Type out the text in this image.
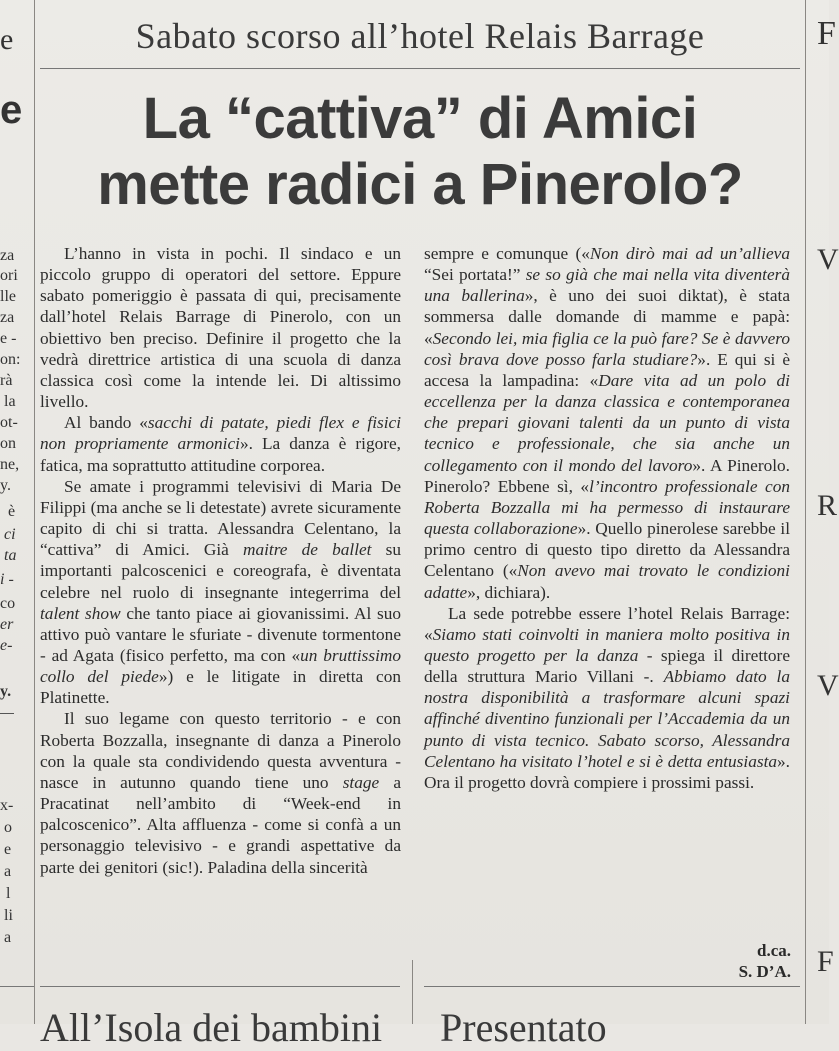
e
e
za
ori
lle
za
e -
on:
rà
la
ot-
on
ne,
y.
è
ci
ta
i -
co
er
e-
y.
x-
o
e
a
l
li
a
F
V
R
V
F
Sabato scorso all’hotel Relais Barrage
La “cattiva” di Amici
mette radici a Pinerolo?

L’hanno in vista in pochi. Il sindaco e un piccolo gruppo di operatori del settore. Eppure sabato pomeriggio è passata di qui, precisamente dall’hotel Relais Barrage di Pinerolo, con un obiettivo ben preciso. Definire il progetto che la vedrà direttrice artistica di una scuola di danza classica così come la intende lei. Di altissimo livello.

Al bando «sacchi di patate, piedi flex e fisici non propriamente armonici». La danza è rigore, fatica, ma soprattutto attitudine corporea.

Se amate i programmi televisivi di Maria De Filippi (ma anche se li detestate) avrete sicuramente capito di chi si tratta. Alessandra Celentano, la “cattiva” di Amici. Già maitre de ballet su importanti palcoscenici e coreografa, è diventata celebre nel ruolo di insegnante integerrima del talent show che tanto piace ai giovanissimi. Al suo attivo può vantare le sfuriate - divenute tormentone - ad Agata (fisico perfetto, ma con «un bruttissimo collo del piede») e le litigate in diretta con Platinette.

Il suo legame con questo territorio - e con Roberta Bozzalla, insegnante di danza a Pinerolo con la quale sta condividendo questa avventura - nasce in autunno quando tiene uno stage a Pracatinat nell’ambito di “Week-end in palcoscenico”. Alta affluenza - come si confà a un personaggio televisivo - e grandi aspettative da parte dei genitori (sic!). Paladina della sincerità

sempre e comunque («Non dirò mai ad un’allieva “Sei portata!” se so già che mai nella vita diventerà una ballerina», è uno dei suoi diktat), è stata sommersa dalle domande di mamme e papà: «Secondo lei, mia figlia ce la può fare? Se è davvero così brava dove posso farla studiare?». E qui si è accesa la lampadina: «Dare vita ad un polo di eccellenza per la danza classica e contemporanea che prepari giovani talenti da un punto di vista tecnico e professionale, che sia anche un collegamento con il mondo del lavoro». A Pinerolo. Pinerolo? Ebbene sì, «l’incontro professionale con Roberta Bozzalla mi ha permesso di instaurare questa collaborazione». Quello pinerolese sarebbe il primo centro di questo tipo diretto da Alessandra Celentano («Non avevo mai trovato le condizioni adatte», dichiara).

La sede potrebbe essere l’hotel Relais Barrage: «Siamo stati coinvolti in maniera molto positiva in questo progetto per la danza - spiega il direttore della struttura Mario Villani -. Abbiamo dato la nostra disponibilità a trasformare alcuni spazi affinché diventino funzionali per l’Accademia da un punto di vista tecnico. Sabato scorso, Alessandra Celentano ha visitato l’hotel e si è detta entusiasta». Ora il progetto dovrà compiere i prossimi passi.

d.ca.
S. D’A.
All’Isola dei bambini Presentato
